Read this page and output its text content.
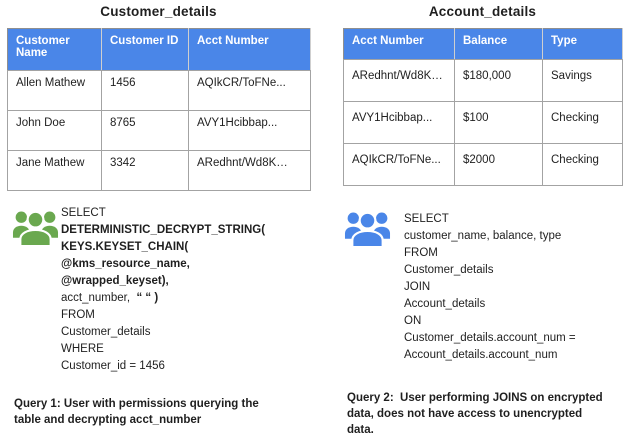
Customer_details
Customer Name	Customer ID	Acct Number
Allen Mathew	1456	AQIkCR/ToFNe...
John Doe	8765	AVY1Hcibbap...
Jane Mathew	3342	ARedhnt/Wd8K…
SELECT
DETERMINISTIC_DECRYPT_STRING(
KEYS.KEYSET_CHAIN(
@kms_resource_name,
@wrapped_keyset),
acct_number,  “ “ )
FROM
Customer_details
WHERE
Customer_id = 1456
Query 1: User with permissions querying the
table and decrypting acct_number
Account_details
Acct Number	Balance	Type
ARedhnt/Wd8K…	$180,000	Savings
AVY1Hcibbap...	$100	Checking
AQIkCR/ToFNe...	$2000	Checking
SELECT
customer_name, balance, type
FROM
Customer_details
JOIN
Account_details
ON
Customer_details.account_num =
Account_details.account_num
Query 2:  User performing JOINS on encrypted
data, does not have access to unencrypted
data.
